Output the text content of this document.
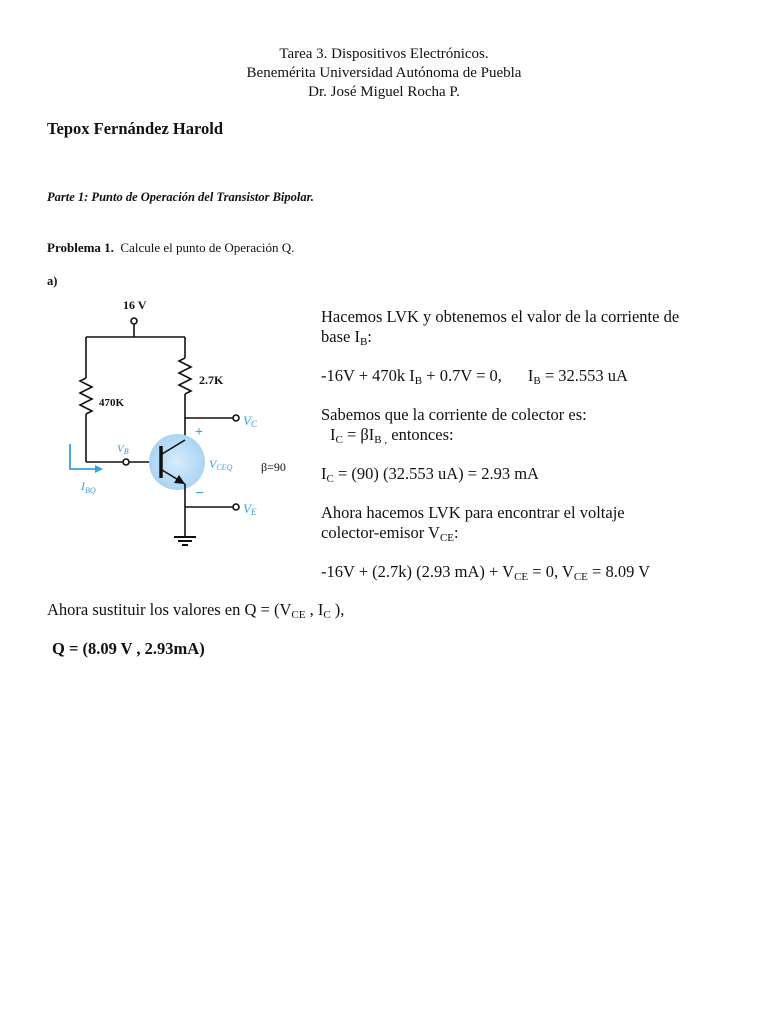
Tarea 3. Dispositivos Electrónicos.
Benemérita Universidad Autónoma de Puebla
Dr. José Miguel Rocha P.
Tepox Fernández Harold
Parte 1: Punto de Operación del Transistor Bipolar.
Problema 1. Calcule el punto de Operación Q.
a)
16 V
470K
2.7K
VC
VB
VCEQ
$I_{BQ}$
VE
+
−
β=90
Hacemos LVK y obtenemos el valor de la corriente de
base $I_B$:
-16V + 470k $I_B + 0.7V = 0$, $I_B = 32.553$ uA
Sabemos que la corriente de colector es:
$I_C = \beta I_{B ,}$ entonces:
$I_C = (90)$ (32.553 uA) = 2.93 mA
Ahora hacemos LVK para encontrar el voltaje
colector-emisor $V_{CE}$:
-16V + (2.7k) (2.93 $mA) + V_{CE} = 0$, $V_{CE} = 8.09$ V
Ahora sustituir los valores en $Q = (V_{CE}$ , $I_C$ ),
Q = (8.09 V , 2.93mA)
